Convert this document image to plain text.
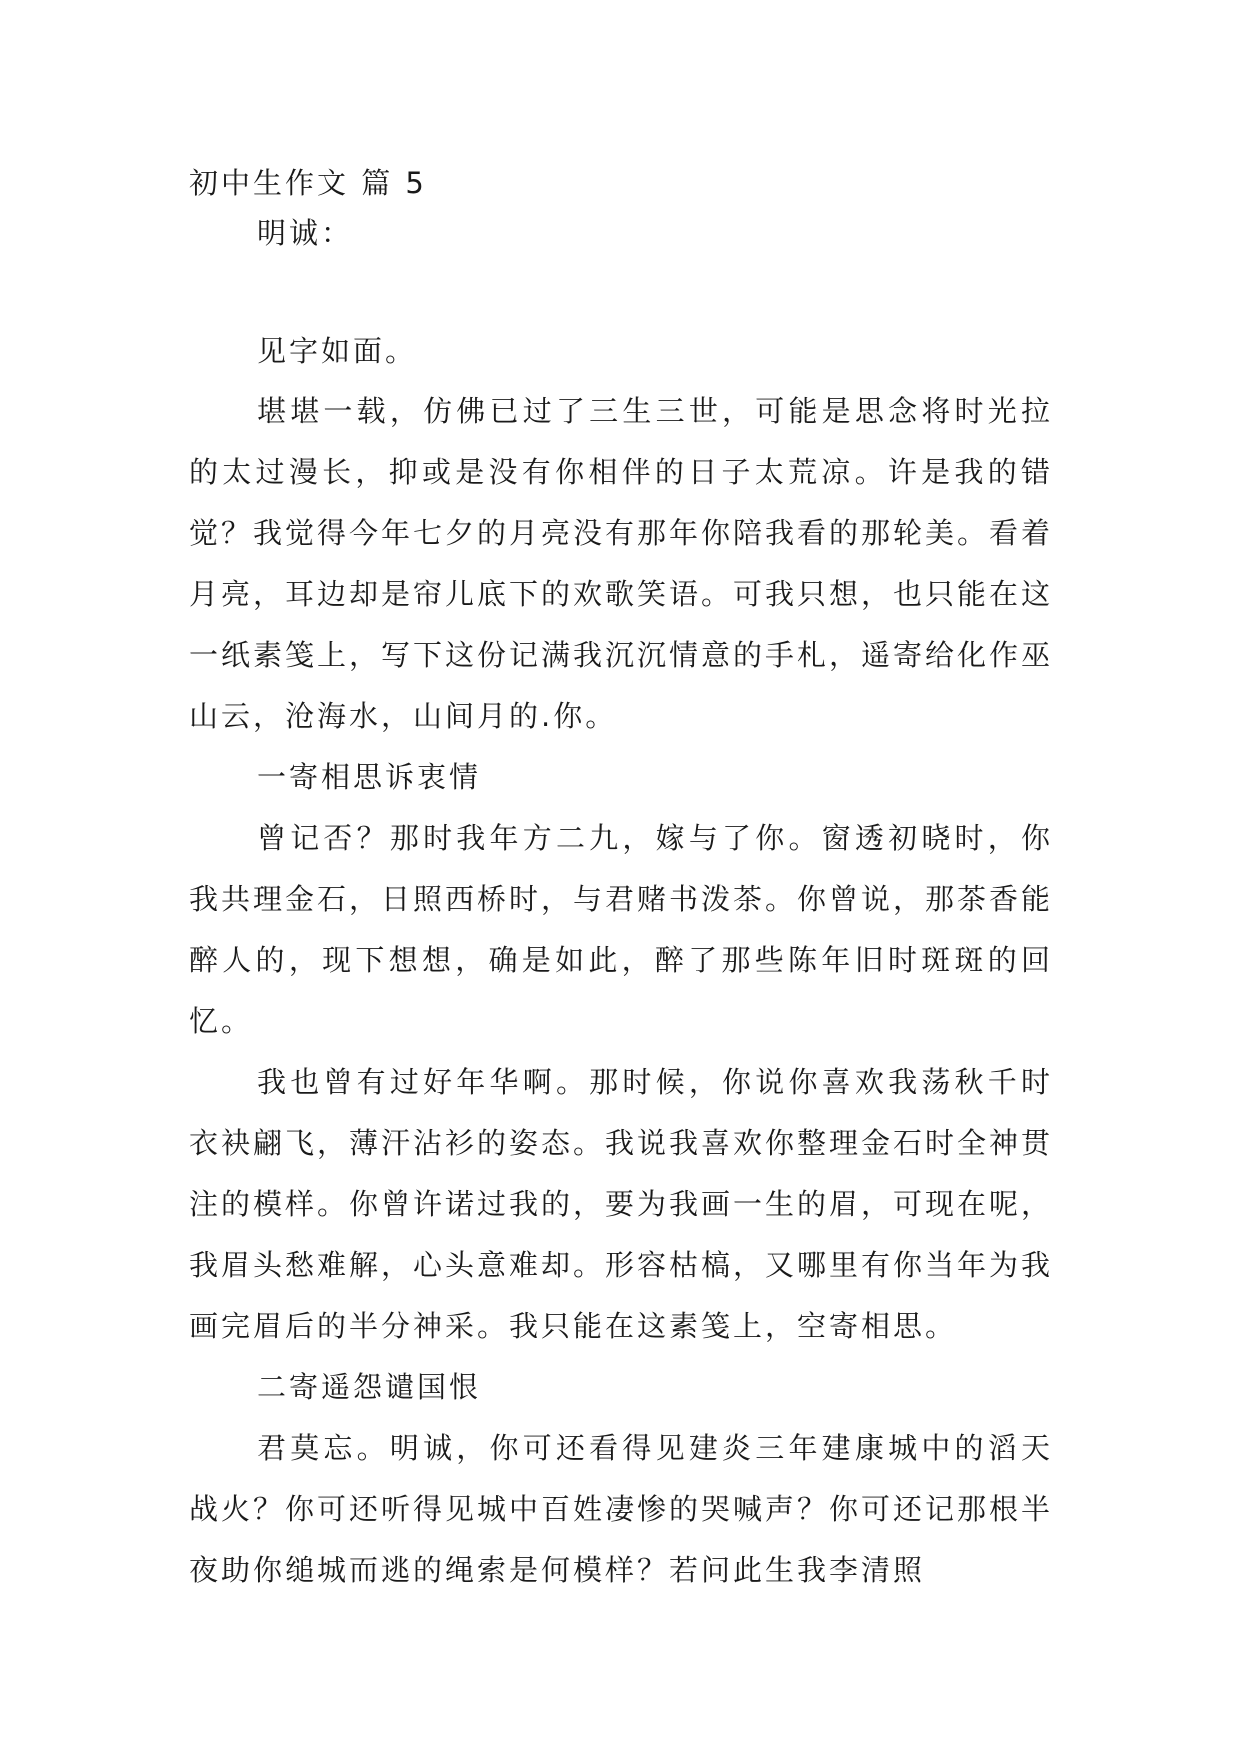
初中生作文 篇 5

明诚：

见字如面。

堪堪一载，仿佛已过了三生三世，可能是思念将时光拉的太过漫长，抑或是没有你相伴的日子太荒凉。许是我的错觉？我觉得今年七夕的月亮没有那年你陪我看的那轮美。看着月亮，耳边却是帘儿底下的欢歌笑语。可我只想，也只能在这一纸素笺上，写下这份记满我沉沉情意的手札，遥寄给化作巫山云，沧海水，山间月的.你。

一寄相思诉衷情

曾记否？那时我年方二九，嫁与了你。窗透初晓时，你我共理金石，日照西桥时，与君赌书泼茶。你曾说，那茶香能醉人的，现下想想，确是如此，醉了那些陈年旧时斑斑的回忆。

我也曾有过好年华啊。那时候，你说你喜欢我荡秋千时衣袂翩飞，薄汗沾衫的姿态。我说我喜欢你整理金石时全神贯注的模样。你曾许诺过我的，要为我画一生的眉，可现在呢，我眉头愁难解，心头意难却。形容枯槁，又哪里有你当年为我画完眉后的半分神采。我只能在这素笺上，空寄相思。

二寄遥怨谴国恨

君莫忘。明诚，你可还看得见建炎三年建康城中的滔天战火？你可还听得见城中百姓凄惨的哭喊声？你可还记那根半夜助你缒城而逃的绳索是何模样？若问此生我李清照
